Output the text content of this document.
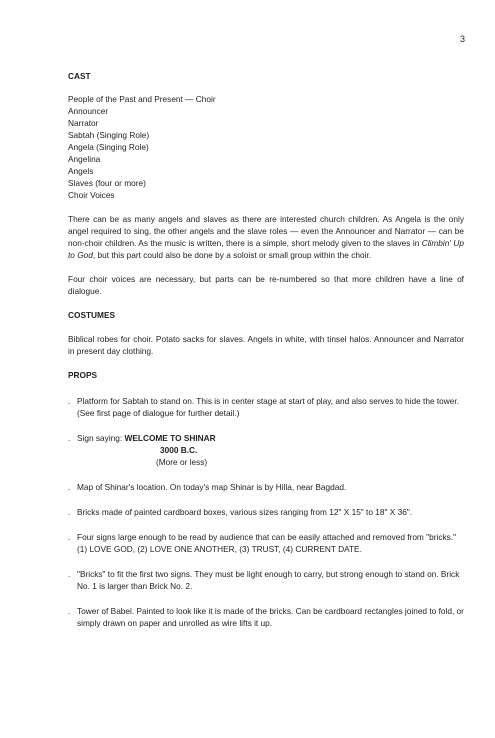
3
CAST
People of the Past and Present — Choir
Announcer
Narrator
Sabtah (Singing Role)
Angela (Singing Role)
Angelina
Angels
Slaves (four or more)
Choir Voices

There can be as many angels and slaves as there are interested church children. As Angela is the only angel required to sing, the other angels and the slave roles — even the Announcer and Narrator — can be non-choir children. As the music is written, there is a simple, short melody given to the slaves in Climbin' Up to God, but this part could also be done by a soloist or small group within the choir.

Four choir voices are necessary, but parts can be re-numbered so that more children have a line of dialogue.

COSTUMES

Biblical robes for choir. Potato sacks for slaves. Angels in white, with tinsel halos. Announcer and Narrator in present day clothing.

PROPS
. Platform for Sabtah to stand on. This is in center stage at start of play, and also serves to hide the tower. (See first page of dialogue for further detail.)
. Sign saying: WELCOME TO SHINAR
3000 B.C.
(More or less)
. Map of Shinar's location. On today's map Shinar is by Hilla, near Bagdad.
. Bricks made of painted cardboard boxes, various sizes ranging from 12" X 15" to 18" X 36".
. Four signs large enough to be read by audience that can be easily attached and removed from "bricks." (1) LOVE GOD, (2) LOVE ONE ANOTHER, (3) TRUST, (4) CURRENT DATE.
. "Bricks" to fit the first two signs. They must be light enough to carry, but strong enough to stand on. Brick No. 1 is larger than Brick No. 2.
. Tower of Babel. Painted to look like it is made of the bricks. Can be cardboard rectangles joined to fold, or simply drawn on paper and unrolled as wire lifts it up.
